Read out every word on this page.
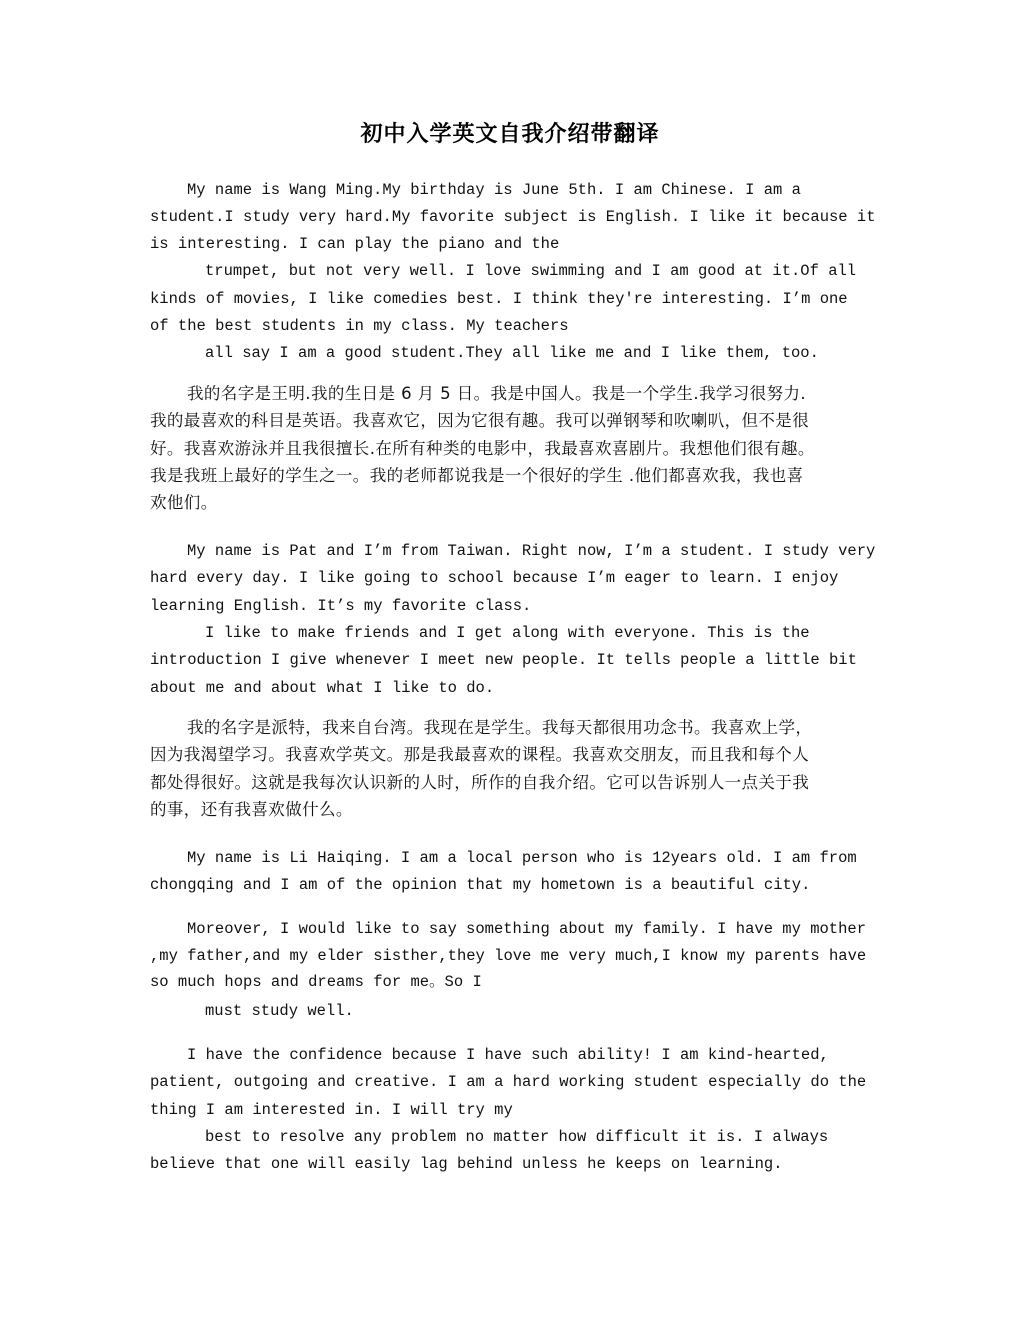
初中入学英文自我介绍带翻译
My name is Wang Ming.My birthday is June 5th. I am Chinese. I am a
student.I study very hard.My favorite subject is English. I like it because it
is interesting. I can play the piano and the
trumpet, but not very well. I love swimming and I am good at it.Of all
kinds of movies, I like comedies best. I think they're interesting. I’m one
of the best students in my class. My teachers
all say I am a good student.They all like me and I like them, too.
我的名字是王明.我的生日是 6 月 5 日。我是中国人。我是一个学生.我学习很努力.
我的最喜欢的科目是英语。我喜欢它，因为它很有趣。我可以弹钢琴和吹喇叭，但不是很
好。我喜欢游泳并且我很擅长.在所有种类的电影中，我最喜欢喜剧片。我想他们很有趣。
我是我班上最好的学生之一。我的老师都说我是一个很好的学生 .他们都喜欢我，我也喜
欢他们。
My name is Pat and I’m from Taiwan. Right now, I’m a student. I study very
hard every day. I like going to school because I’m eager to learn. I enjoy
learning English. It’s my favorite class.
I like to make friends and I get along with everyone. This is the
introduction I give whenever I meet new people. It tells people a little bit
about me and about what I like to do.
我的名字是派特，我来自台湾。我现在是学生。我每天都很用功念书。我喜欢上学，
因为我渴望学习。我喜欢学英文。那是我最喜欢的课程。我喜欢交朋友，而且我和每个人
都处得很好。这就是我每次认识新的人时，所作的自我介绍。它可以告诉别人一点关于我
的事，还有我喜欢做什么。
My name is Li Haiqing. I am a local person who is 12years old. I am from
chongqing and I am of the opinion that my hometown is a beautiful city.
Moreover, I would like to say something about my family. I have my mother
,my father,and my elder sisther,they love me very much,I know my parents have
so much hops and dreams for me。So I
must study well.
I have the confidence because I have such ability! I am kind-hearted,
patient, outgoing and creative. I am a hard working student especially do the
thing I am interested in. I will try my
best to resolve any problem no matter how difficult it is. I always
believe that one will easily lag behind unless he keeps on learning.
